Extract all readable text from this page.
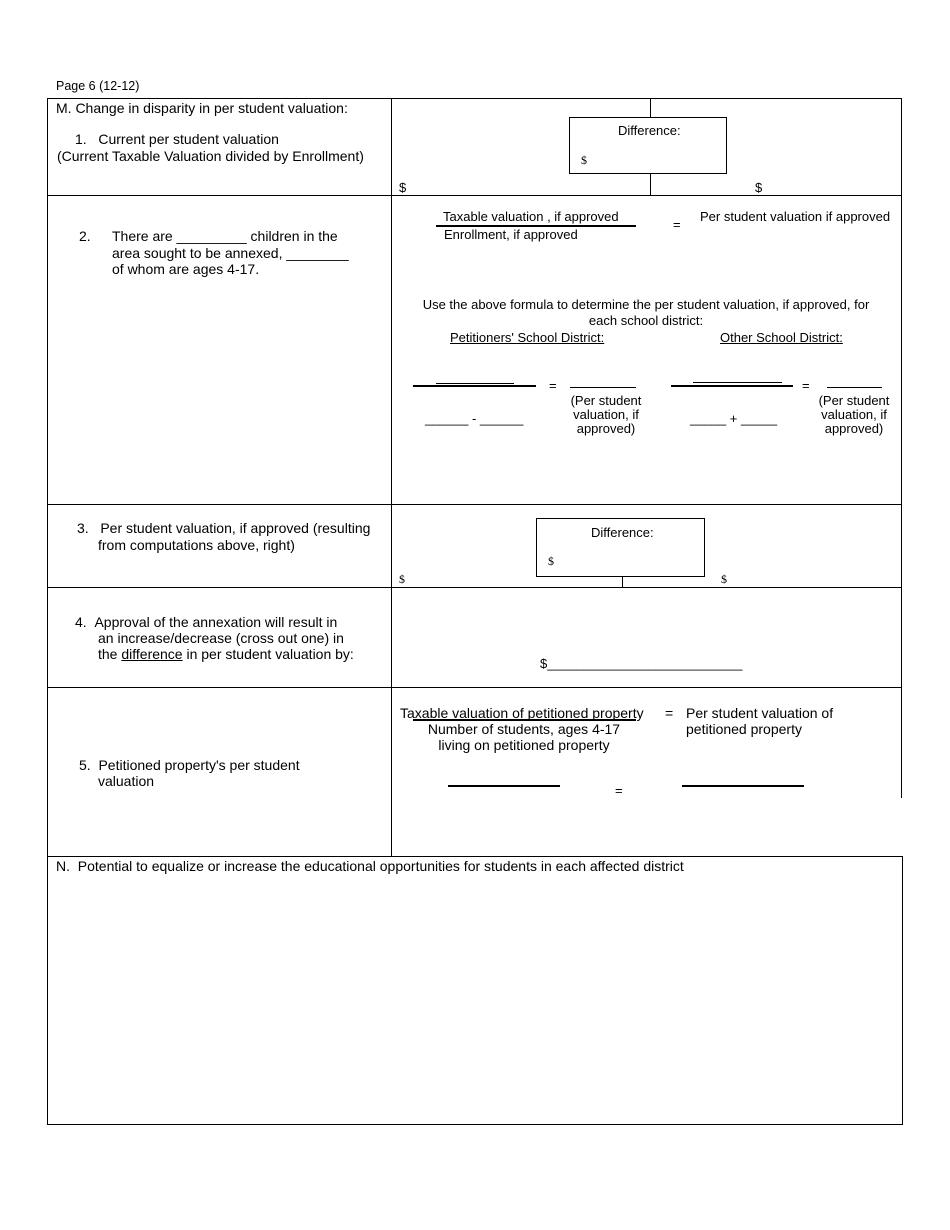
Page 6 (12-12)
M. Change in disparity in per student valuation:
1.   Current per student valuation
(Current Taxable Valuation divided by Enrollment)
Difference:
$
$	$
2. There are _________ children in the
area sought to be annexed, ________
of whom are ages 4-17.
Taxable valuation , if approved
Enrollment, if approved
=
Per student valuation if approved
Use the above formula to determine the per student valuation, if approved, for each school district:
Petitioners' School District:	Other School District:
______ - ______
=
(Per student
valuation, if
approved)
_____ + _____
=
(Per student
valuation, if
approved)
3.   Per student valuation, if approved (resulting
from computations above, right)
Difference:
$
$	$
4.  Approval of the annexation will result in
an increase/decrease (cross out one) in
the difference in per student valuation by:
$___________________________
5.  Petitioned property's per student
valuation
Taxable valuation of petitioned property
Number of students, ages 4-17
living on petitioned property
= Per student valuation of
petitioned property
=
N.  Potential to equalize or increase the educational opportunities for students in each affected district
